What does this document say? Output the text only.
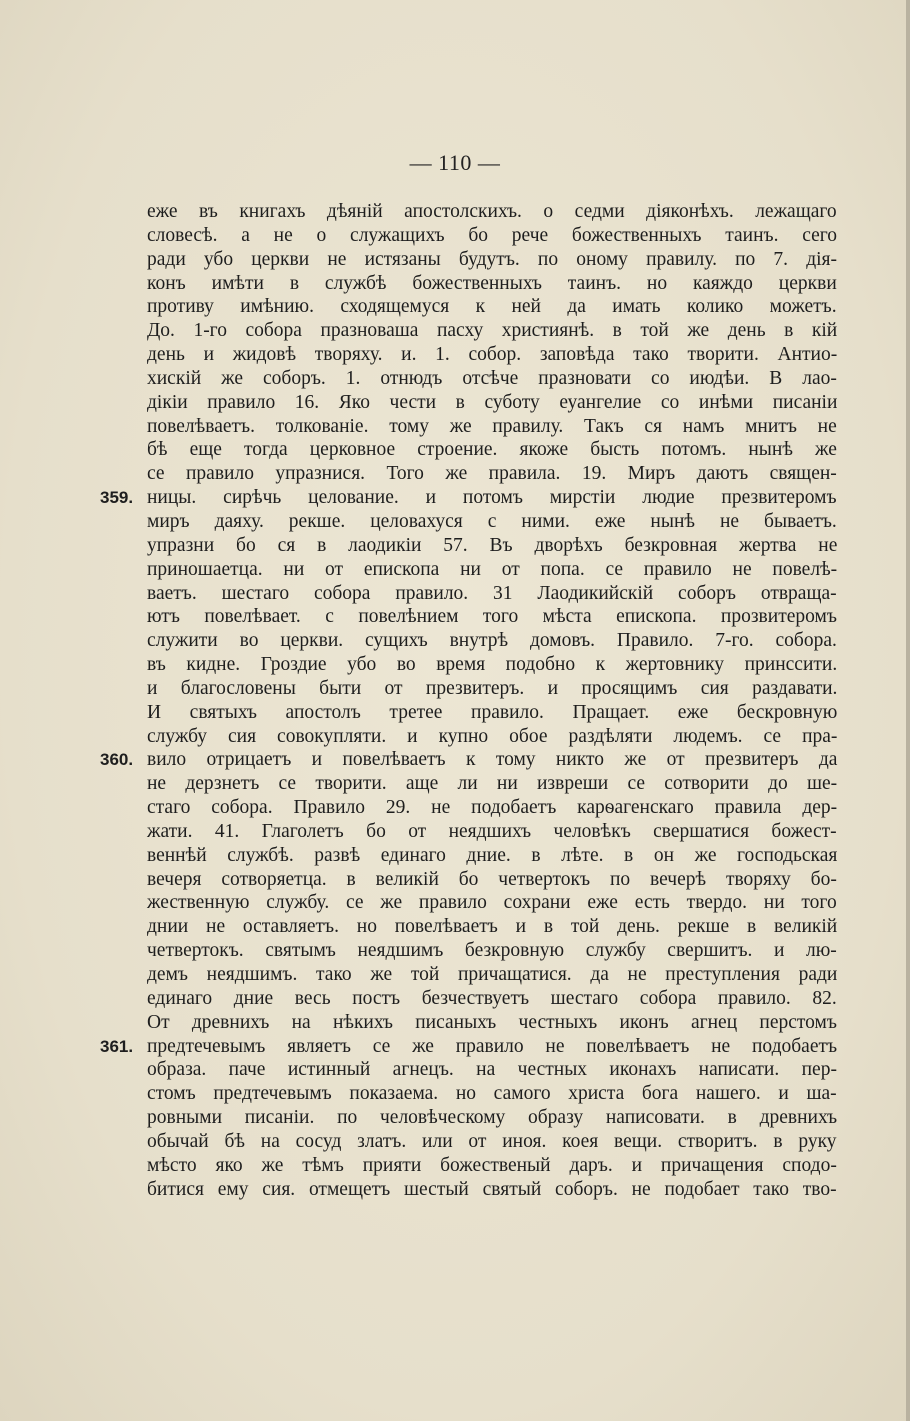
— 110 —
еже въ книгахъ дѣяній апостолскихъ. о седми діяконѣхъ. лежащаго
словесѣ. а не о служащихъ бо рече божественныхъ таинъ. сего
ради убо церкви не истязаны будутъ. по оному правилу. по 7. дія-
конъ имѣти в службѣ божественныхъ таинъ. но каяждо церкви
противу имѣнию. сходящемуся к ней да имать колико можетъ.
До. 1-го собора празноваша пасху християнѣ. в той же день в кій
день и жидовѣ творяху. и. 1. собор. заповѣда тако творити. Антио-
хискій же соборъ. 1. отнюдъ отсѣче празновати со июдѣи. В лао-
дікіи правило 16. Яко чести в суботу еуангелие со инѣми писаніи
повелѣваетъ. толкованіе. тому же правилу. Такъ ся намъ мнитъ не
бѣ еще тогда церковное строение. якоже бысть потомъ. нынѣ же
се правило упразнися. Того же правила. 19. Миръ даютъ священ-
359. ницы. сирѣчь целование. и потомъ мирстіи людие презвитеромъ
миръ даяху. рекше. целовахуся с ними. еже нынѣ не бываетъ.
упразни бо ся в лаодикіи 57. Въ дворѣхъ безкровная жертва не
приношаетца. ни от епископа ни от попа. се правило не повелѣ-
ваетъ. шестаго собора правило. 31 Лаодикийскій соборъ отвраща-
ютъ повелѣвает. с повелѣнием того мѣста епископа. прозвитеромъ
служити во церкви. сущихъ внутрѣ домовъ. Правило. 7-го. собора.
въ кидне. Гроздие убо во время подобно к жертовнику принссити.
и благословены быти от презвитеръ. и просящимъ сия раздавати.
И святыхъ апостолъ третее правило. Пращает. еже бескровную
службу сия совокупляти. и купно обое раздѣляти людемъ. се пра-
360. вило отрицаетъ и повелѣваетъ к тому никто же от презвитеръ да
не дерзнетъ се творити. аще ли ни извреши се сотворити до ше-
стаго собора. Правило 29. не подобаетъ карѳагенскаго правила дер-
жати. 41. Глаголетъ бо от неядшихъ человѣкъ свершатися божест-
веннѣй службѣ. развѣ единаго дние. в лѣте. в он же господьская
вечеря сотворяетца. в великій бо четвертокъ по вечерѣ творяху бо-
жественную службу. се же правило сохрани еже есть твердо. ни того
днии не оставляетъ. но повелѣваетъ и в той день. рекше в великій
четвертокъ. святымъ неядшимъ безкровную службу свершитъ. и лю-
демъ неядшимъ. тако же той причащатися. да не преступления ради
единаго дние весь постъ безчествуетъ шестаго собора правило. 82.
От древнихъ на нѣкихъ писаныхъ честныхъ иконъ агнец перстомъ
361. предтечевымъ являетъ се же правило не повелѣваетъ не подобаетъ
образа. паче истинный агнецъ. на честных иконахъ написати. пер-
стомъ предтечевымъ показаема. но самого христа бога нашего. и ша-
ровными писаніи. по человѣческому образу написовати. в древнихъ
обычай бѣ на сосуд златъ. или от иноя. коея вещи. створитъ. в руку
мѣсто яко же тѣмъ прияти божественый даръ. и причащения сподо-
битися ему сия. отмещетъ шестый святый соборъ. не подобает тако тво-
